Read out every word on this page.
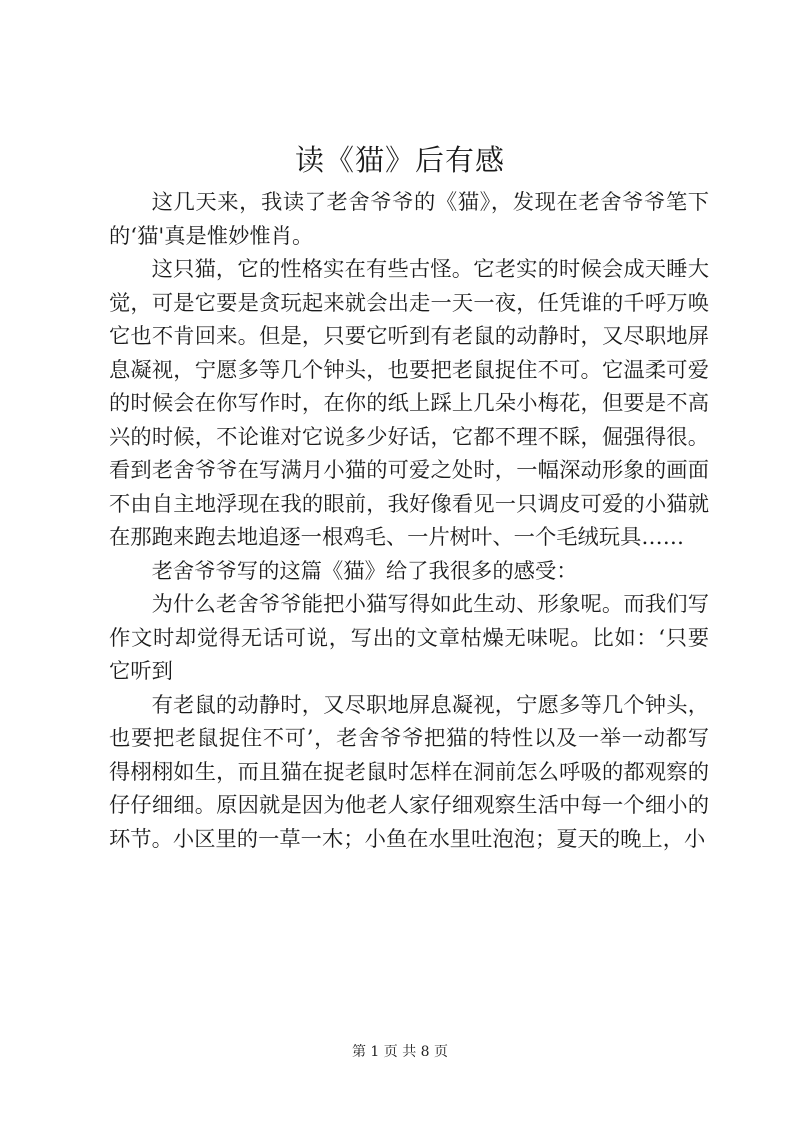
读《猫》后有感

这几天来，我读了老舍爷爷的《猫》，发现在老舍爷爷笔下的‘猫'真是惟妙惟肖。

这只猫，它的性格实在有些古怪。它老实的时候会成天睡大觉，可是它要是贪玩起来就会出走一天一夜，任凭谁的千呼万唤它也不肯回来。但是，只要它听到有老鼠的动静时，又尽职地屏息凝视，宁愿多等几个钟头，也要把老鼠捉住不可。它温柔可爱的时候会在你写作时，在你的纸上踩上几朵小梅花，但要是不高兴的时候，不论谁对它说多少好话，它都不理不睬，倔强得很。看到老舍爷爷在写满月小猫的可爱之处时，一幅深动形象的画面不由自主地浮现在我的眼前，我好像看见一只调皮可爱的小猫就在那跑来跑去地追逐一根鸡毛、一片树叶、一个毛绒玩具……

老舍爷爷写的这篇《猫》给了我很多的感受：

为什么老舍爷爷能把小猫写得如此生动、形象呢。而我们写作文时却觉得无话可说，写出的文章枯燥无味呢。比如：‘只要它听到

有老鼠的动静时，又尽职地屏息凝视，宁愿多等几个钟头，也要把老鼠捉住不可’，老舍爷爷把猫的特性以及一举一动都写得栩栩如生，而且猫在捉老鼠时怎样在洞前怎么呼吸的都观察的仔仔细细。原因就是因为他老人家仔细观察生活中每一个细小的环节。小区里的一草一木；小鱼在水里吐泡泡；夏天的晚上，小

第 1 页 共 8 页
